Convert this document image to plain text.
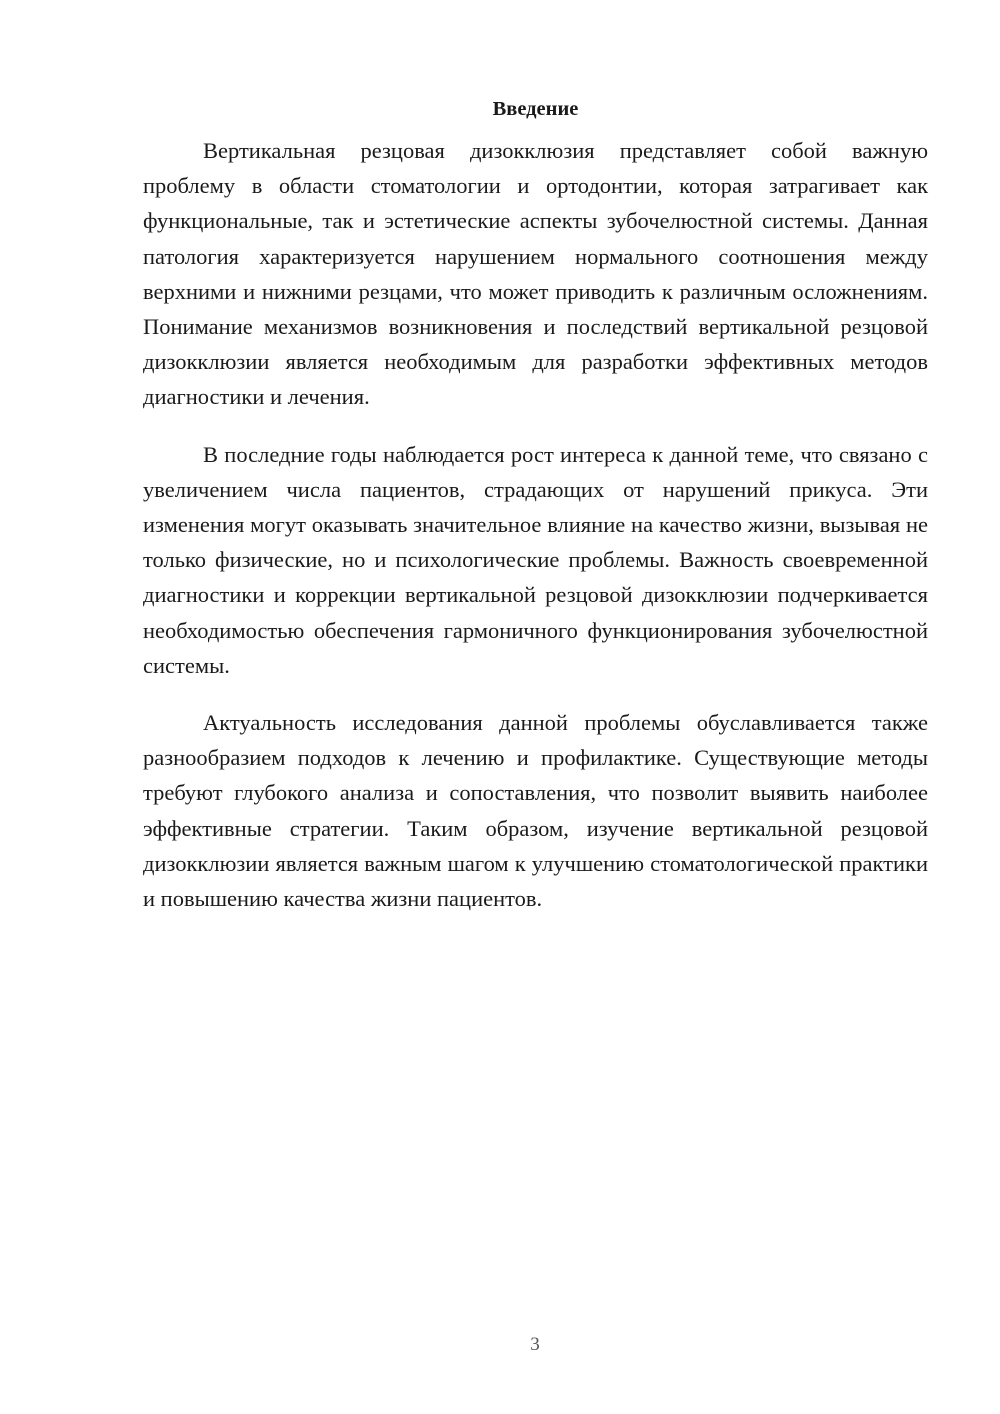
Введение

Вертикальная резцовая дизокклюзия представляет собой важную проблему в области стоматологии и ортодонтии, которая затрагивает как функциональные, так и эстетические аспекты зубочелюстной системы. Данная патология характеризуется нарушением нормального соотношения между верхними и нижними резцами, что может приводить к различным осложнениям. Понимание механизмов возникновения и последствий вертикальной резцовой дизокклюзии является необходимым для разработки эффективных методов диагностики и лечения.

В последние годы наблюдается рост интереса к данной теме, что связано с увеличением числа пациентов, страдающих от нарушений прикуса. Эти изменения могут оказывать значительное влияние на качество жизни, вызывая не только физические, но и психологические проблемы. Важность своевременной диагностики и коррекции вертикальной резцовой дизокклюзии подчеркивается необходимостью обеспечения гармоничного функционирования зубочелюстной системы.

Актуальность исследования данной проблемы обуславливается также разнообразием подходов к лечению и профилактике. Существующие методы требуют глубокого анализа и сопоставления, что позволит выявить наиболее эффективные стратегии. Таким образом, изучение вертикальной резцовой дизокклюзии является важным шагом к улучшению стоматологической практики и повышению качества жизни пациентов.

3
